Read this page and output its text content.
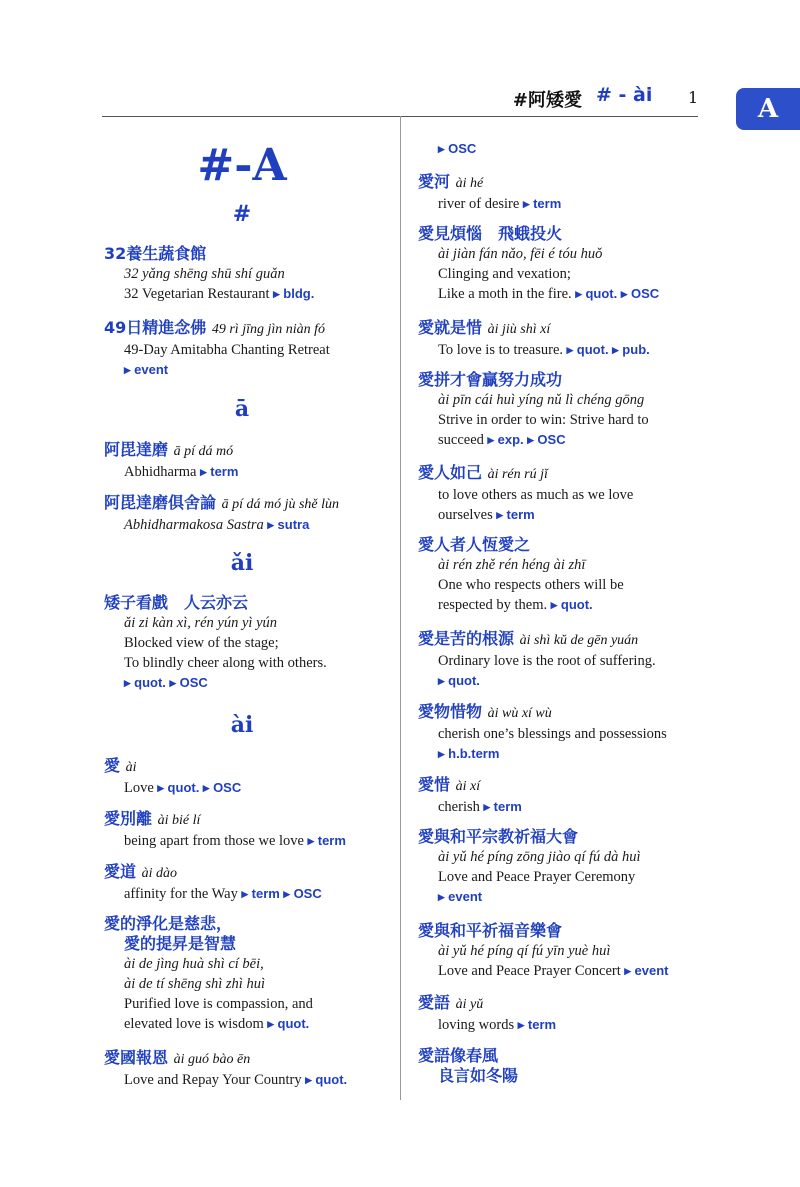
#阿矮愛 # - ài 1	A
#-A
#
ā
ǎi
ài
32養生蔬食館
32 yǎng shēng shū shí guǎn
32 Vegetarian Restaurant ▸ bldg.
49日精進念佛 49 rì jīng jìn niàn fó
49-Day Amitabha Chanting Retreat
▸ event
阿毘達磨 ā pí dá mó
Abhidharma ▸ term
阿毘達磨俱舍論 ā pí dá mó jù shě lùn
Abhidharmakosa Sastra ▸ sutra
矮子看戲　人云亦云
ǎi zi kàn xì, rén yún yì yún
Blocked view of the stage;
To blindly cheer along with others.
▸ quot. ▸ OSC
愛 ài
Love ▸ quot. ▸ OSC
愛別離 ài bié lí
being apart from those we love ▸ term
愛道 ài dào
affinity for the Way ▸ term ▸ OSC
愛的淨化是慈悲，
愛的提昇是智慧
ài de jìng huà shì cí bēi,
ài de tí shēng shì zhì huì
Purified love is compassion, and
elevated love is wisdom ▸ quot.
愛國報恩 ài guó bào ēn
Love and Repay Your Country ▸ quot.
▸ OSC
愛河 ài hé
river of desire ▸ term
愛見煩惱　飛蛾投火
ài jiàn fán nǎo, fēi é tóu huǒ
Clinging and vexation;
Like a moth in the fire. ▸ quot. ▸ OSC
愛就是惜 ài jiù shì xí
To love is to treasure. ▸ quot. ▸ pub.
愛拼才會贏努力成功
ài pīn cái huì yíng nǔ lì chéng gōng
Strive in order to win: Strive hard to
succeed ▸ exp. ▸ OSC
愛人如己 ài rén rú jǐ
to love others as much as we love
ourselves ▸ term
愛人者人恆愛之
ài rén zhě rén héng ài zhī
One who respects others will be
respected by them. ▸ quot.
愛是苦的根源 ài shì kǔ de gēn yuán
Ordinary love is the root of suffering.
▸ quot.
愛物惜物 ài wù xí wù
cherish one’s blessings and possessions
▸ h.b.term
愛惜 ài xí
cherish ▸ term
愛與和平宗教祈福大會
ài yǔ hé píng zōng jiào qí fú dà huì
Love and Peace Prayer Ceremony
▸ event
愛與和平祈福音樂會
ài yǔ hé píng qí fú yīn yuè huì
Love and Peace Prayer Concert ▸ event
愛語 ài yǔ
loving words ▸ term
愛語像春風
良言如冬陽
